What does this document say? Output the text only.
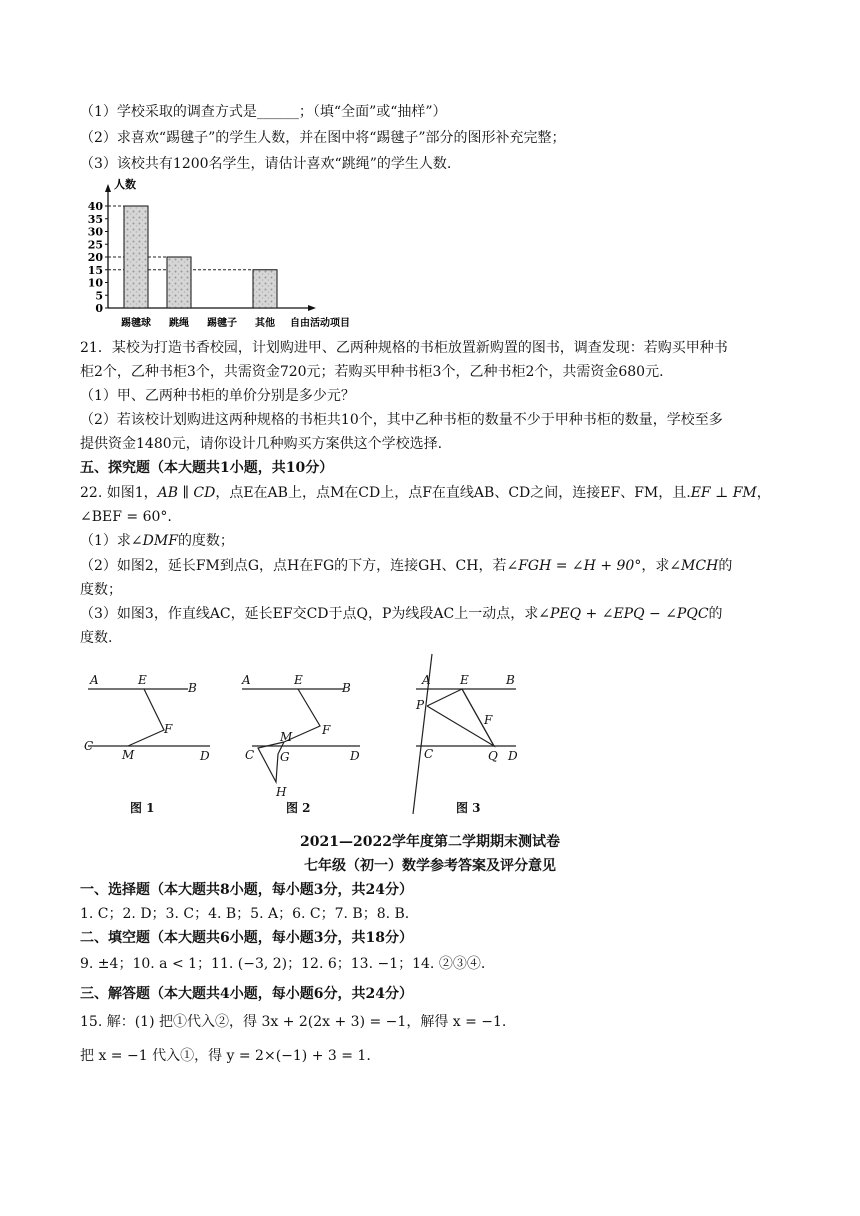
（1）学校采取的调查方式是______；（填“全面”或“抽样”）
（2）求喜欢“踢毽子”的学生人数，并在图中将“踢毽子”部分的图形补充完整；
（3）该校共有1200名学生，请估计喜欢“跳绳”的学生人数.
0
5
10
15
20
25
30
35
40
人数
自由活动项目
踢毽球 跳绳 踢毽子 其他
21．某校为打造书香校园，计划购进甲、乙两种规格的书柜放置新购置的图书，调查发现：若购买甲种书
柜2个，乙种书柜3个，共需资金720元；若购买甲种书柜3个，乙种书柜2个，共需资金680元.
（1）甲、乙两种书柜的单价分别是多少元？
（2）若该校计划购进这两种规格的书柜共10个，其中乙种书柜的数量不少于甲种书柜的数量，学校至多
提供资金1480元，请你设计几种购买方案供这个学校选择.
五、探究题（本大题共1小题，共10分）
22. 如图1，AB ∥ CD，点E在AB上，点M在CD上，点F在直线AB、CD之间，连接EF、FM，且.EF ⊥ FM，
∠BEF = 60°.
（1）求∠DMF的度数；
（2）如图2，延长FM到点G，点H在FG的下方，连接GH、CH，若∠FGH = ∠H + 90°，求∠MCH的
度数；
（3）如图3，作直线AC，延长EF交CD于点Q，P为线段AC上一动点，求∠PEQ + ∠EPQ − ∠PQC的
度数.
A	E
B
F
C
M	D
A	E
B
F
M
C G	D
H
A E	B
P
F
C	Q D
图 1	图 2	图 3
2021—2022学年度第二学期期末测试卷
七年级（初一）数学参考答案及评分意见
一、选择题（本大题共8小题，每小题3分，共24分）
1. C；2. D；3. C；4. B；5. A；6. C；7. B；8. B.
二、填空题（本大题共6小题，每小题3分，共18分）
9. ±4；10. a < 1；11. (−3, 2)；12. 6；13. −1；14. ②③④.
三、解答题（本大题共4小题，每小题6分，共24分）
15. 解：(1) 把①代入②，得 3x + 2(2x + 3) = −1，解得 x = −1.
把 x = −1 代入①，得 y = 2×(−1) + 3 = 1.
